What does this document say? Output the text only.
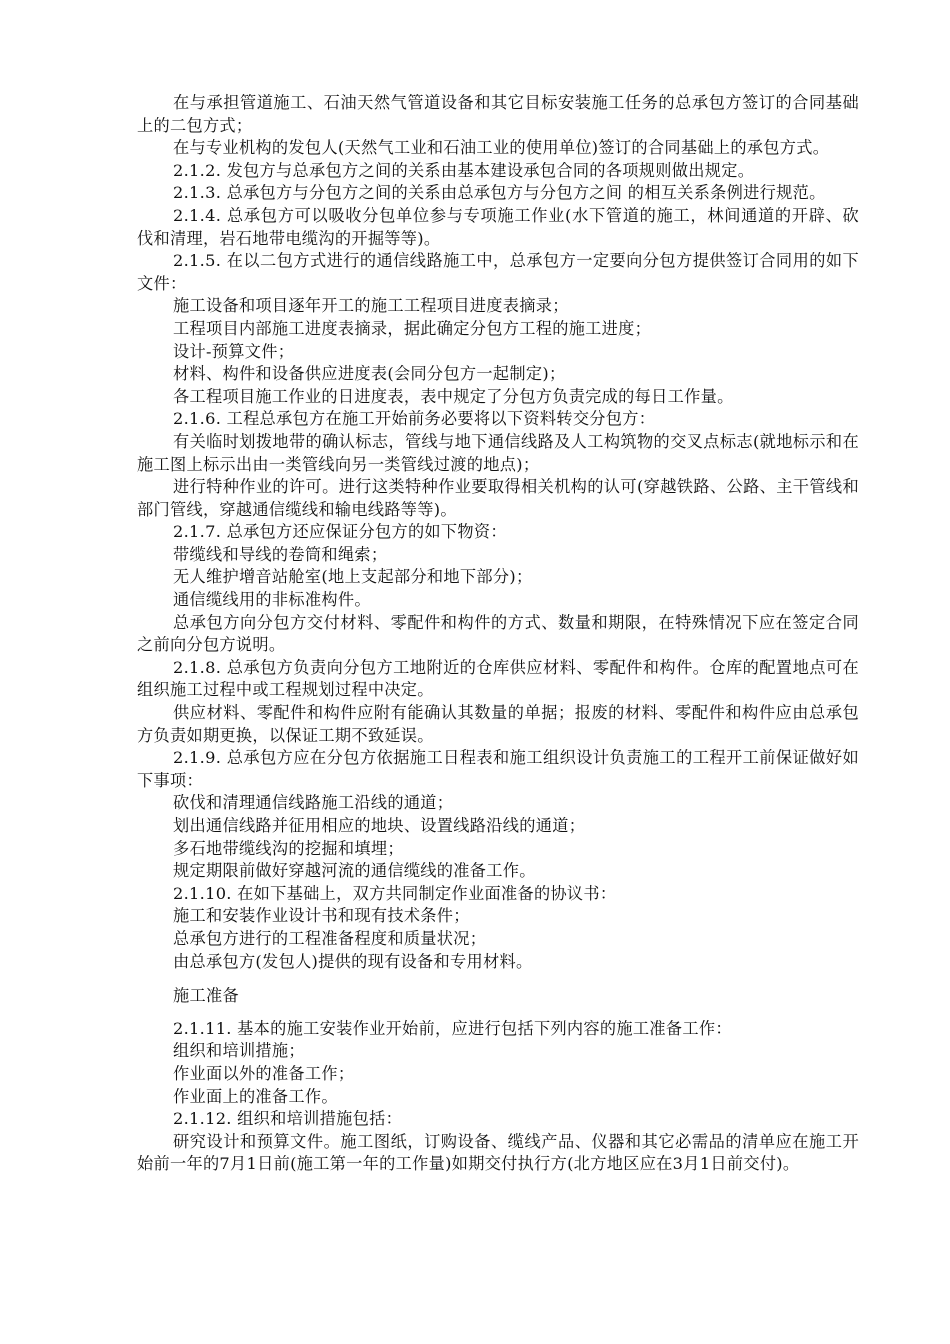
在与承担管道施工、石油天然气管道设备和其它目标安装施工任务的总承包方签订的合同基础上的二包方式；

在与专业机构的发包人(天然气工业和石油工业的使用单位)签订的合同基础上的承包方式。

2.1.2. 发包方与总承包方之间的关系由基本建设承包合同的各项规则做出规定。

2.1.3. 总承包方与分包方之间的关系由总承包方与分包方之间 的相互关系条例进行规范。

2.1.4. 总承包方可以吸收分包单位参与专项施工作业(水下管道的施工，林间通道的开辟、砍伐和清理，岩石地带电缆沟的开掘等等)。

2.1.5. 在以二包方式进行的通信线路施工中，总承包方一定要向分包方提供签订合同用的如下文件：

施工设备和项目逐年开工的施工工程项目进度表摘录；

工程项目内部施工进度表摘录，据此确定分包方工程的施工进度；

设计-预算文件；

材料、构件和设备供应进度表(会同分包方一起制定)；

各工程项目施工作业的日进度表，表中规定了分包方负责完成的每日工作量。

2.1.6. 工程总承包方在施工开始前务必要将以下资料转交分包方：

有关临时划拨地带的确认标志，管线与地下通信线路及人工构筑物的交叉点标志(就地标示和在施工图上标示出由一类管线向另一类管线过渡的地点)；

进行特种作业的许可。进行这类特种作业要取得相关机构的认可(穿越铁路、公路、主干管线和部门管线，穿越通信缆线和输电线路等等)。

2.1.7. 总承包方还应保证分包方的如下物资：

带缆线和导线的卷筒和绳索；

无人维护增音站舱室(地上支起部分和地下部分)；

通信缆线用的非标准构件。

总承包方向分包方交付材料、零配件和构件的方式、数量和期限，在特殊情况下应在签定合同之前向分包方说明。

2.1.8. 总承包方负责向分包方工地附近的仓库供应材料、零配件和构件。仓库的配置地点可在组织施工过程中或工程规划过程中决定。

供应材料、零配件和构件应附有能确认其数量的单据；报废的材料、零配件和构件应由总承包方负责如期更换，以保证工期不致延误。

2.1.9. 总承包方应在分包方依据施工日程表和施工组织设计负责施工的工程开工前保证做好如下事项：

砍伐和清理通信线路施工沿线的通道；

划出通信线路并征用相应的地块、设置线路沿线的通道；

多石地带缆线沟的挖掘和填埋；

规定期限前做好穿越河流的通信缆线的准备工作。

2.1.10. 在如下基础上，双方共同制定作业面准备的协议书：

施工和安装作业设计书和现有技术条件；

总承包方进行的工程准备程度和质量状况；

由总承包方(发包人)提供的现有设备和专用材料。

施工准备

2.1.11. 基本的施工安装作业开始前，应进行包括下列内容的施工准备工作：

组织和培训措施；

作业面以外的准备工作；

作业面上的准备工作。

2.1.12. 组织和培训措施包括：

研究设计和预算文件。施工图纸，订购设备、缆线产品、仪器和其它必需品的清单应在施工开始前一年的7月1日前(施工第一年的工作量)如期交付执行方(北方地区应在3月1日前交付)。
